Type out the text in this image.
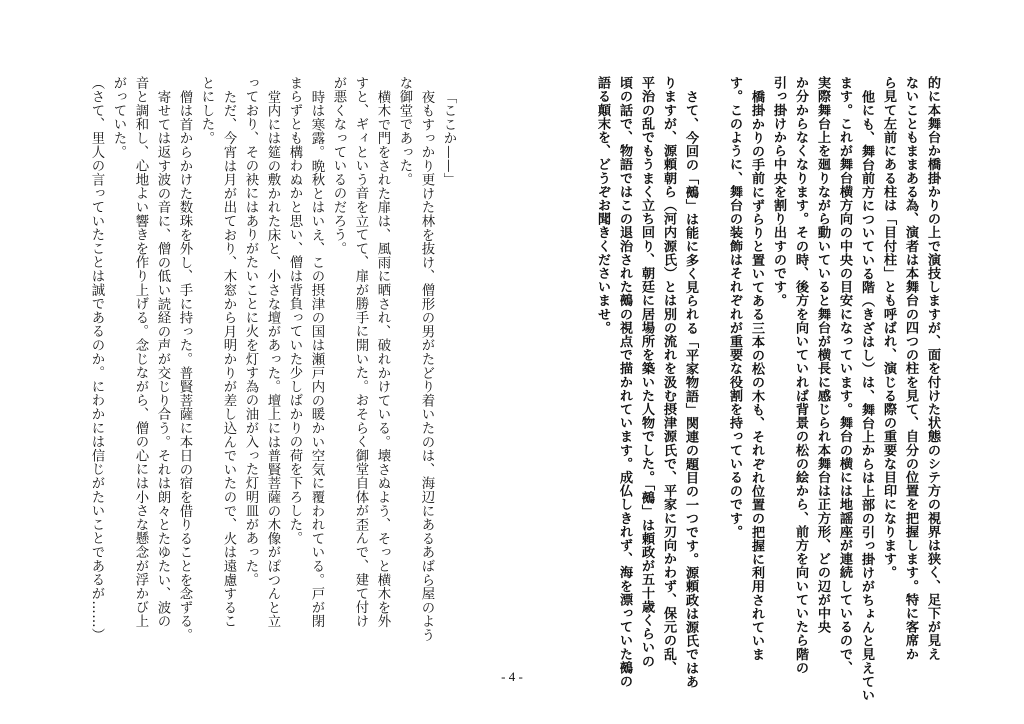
的に本舞台か橋掛かりの上で演技しますが、面を付けた状態のシテ方の視界は狭く、足下が見え
ないこともままある為、演者は本舞台の四つの柱を見て、自分の位置を把握します。特に客席か
ら見て左前にある柱は「目付柱」とも呼ばれ、演じる際の重要な目印になります。
他にも、舞台前方についている階（きざはし）は、舞台上からは上部の引っ掛けがちょんと見えてい
ます。これが舞台横方向の中央の目安になっています。舞台の横には地謡座が連続しているので、
実際舞台上を廻りながら動いていると舞台が横長に感じられ本舞台は正方形、どの辺が中央
か分からなくなります。その時、後方を向いていれば背景の松の絵から、前方を向いていたら階の
引っ掛けから中央を割り出すのです。
橋掛かりの手前にずらりと置いてある三本の松の木も、それぞれ位置の把握に利用されていま
す。このように、舞台の装飾はそれぞれが重要な役割を持っているのです。
さて、今回の「鵺」は能に多く見られる「平家物語」関連の題目の一つです。源頼政は源氏ではあ
りますが、源頼朝ら（河内源氏）とは別の流れを汲む摂津源氏で、平家に刃向かわず、保元の乱、
平治の乱でもうまく立ち回り、朝廷に居場所を築いた人物でした。「鵺」は頼政が五十歳くらいの
頃の話で、物語ではこの退治された鵺の視点で描かれています。成仏しきれず、海を漂っていた鵺の
語る顛末を、どうぞお聞きくださいませ。
「ここか——」
夜もすっかり更けた林を抜け、僧形の男がたどり着いたのは、海辺にあるあばら屋のよう
な御堂であった。
横木で門をされた扉は、風雨に晒され、破れかけている。壊さぬよう、そっと横木を外
すと、ギィという音を立てて、扉が勝手に開いた。おそらく御堂自体が歪んで、建て付け
が悪くなっているのだろう。
時は寒露。晩秋とはいえ、この摂津の国は瀬戸内の暖かい空気に覆われている。戸が閉
まらずとも構わぬかと思い、僧は背負っていた少しばかりの荷を下ろした。
堂内には筵の敷かれた床と、小さな壇があった。壇上には普賢菩薩の木像がぽつんと立
っており、その袂にはありがたいことに火を灯す為の油が入った灯明皿があった。
ただ、今宵は月が出ており、木窓から月明かりが差し込んでいたので、火は遠慮するこ
とにした。
僧は首からかけた数珠を外し、手に持った。普賢菩薩に本日の宿を借りることを念ずる。
寄せては返す波の音に、僧の低い読経の声が交じり合う。それは朗々とたゆたい、波の
音と調和し、心地よい響きを作り上げる。念じながら、僧の心には小さな懸念が浮かび上
がっていた。
（さて、里人の言っていたことは誠であるのか。にわかには信じがたいことであるが……）
- 4 -
